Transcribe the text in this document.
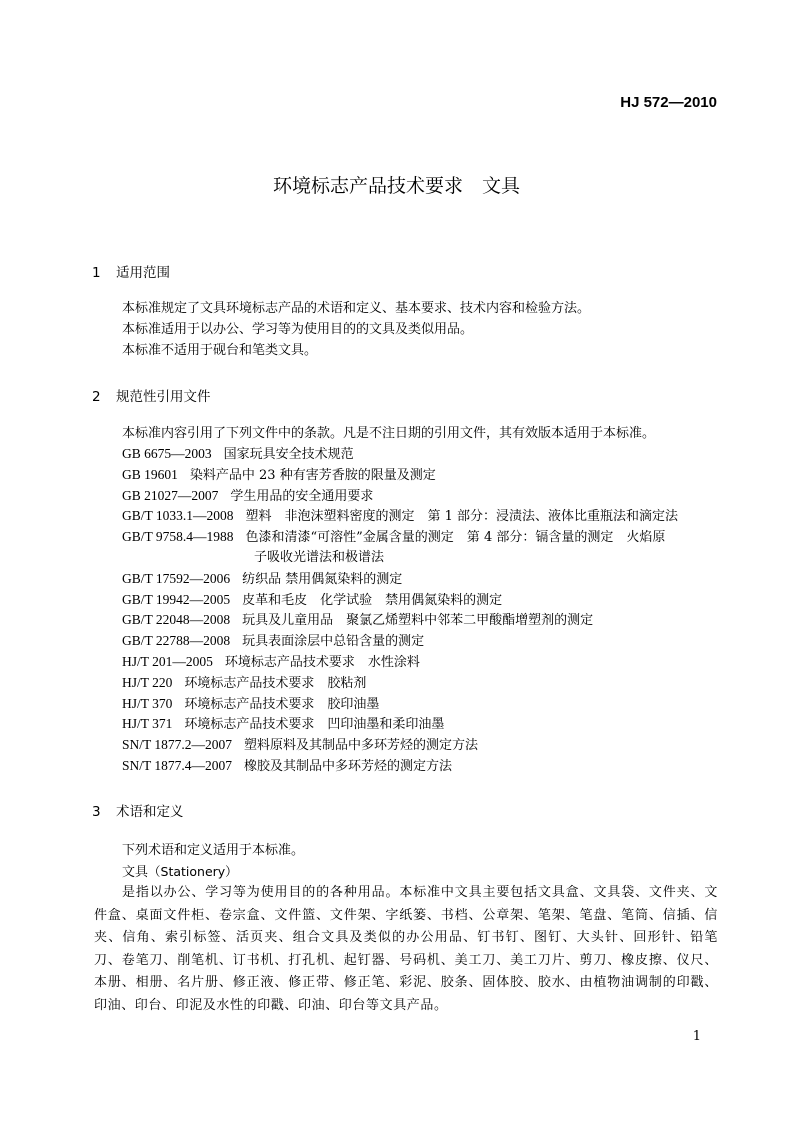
HJ 572—2010
环境标志产品技术要求　文具
1 适用范围
本标准规定了文具环境标志产品的术语和定义、基本要求、技术内容和检验方法。
本标准适用于以办公、学习等为使用目的的文具及类似用品。
本标准不适用于砚台和笔类文具。
2 规范性引用文件
本标准内容引用了下列文件中的条款。凡是不注日期的引用文件，其有效版本适用于本标准。
GB 6675—2003 国家玩具安全技术规范
GB 19601 染料产品中 23 种有害芳香胺的限量及测定
GB 21027—2007 学生用品的安全通用要求
GB/T 1033.1—2008 塑料　非泡沫塑料密度的测定　第 1 部分：浸渍法、液体比重瓶法和滴定法
GB/T 9758.4—1988 色漆和清漆“可溶性”金属含量的测定　第 4 部分：镉含量的测定　火焰原
子吸收光谱法和极谱法
GB/T 17592—2006 纺织品 禁用偶氮染料的测定
GB/T 19942—2005 皮革和毛皮　化学试验　禁用偶氮染料的测定
GB/T 22048—2008 玩具及儿童用品　聚氯乙烯塑料中邻苯二甲酸酯增塑剂的测定
GB/T 22788—2008 玩具表面涂层中总铅含量的测定
HJ/T 201—2005 环境标志产品技术要求　水性涂料
HJ/T 220 环境标志产品技术要求　胶粘剂
HJ/T 370 环境标志产品技术要求　胶印油墨
HJ/T 371 环境标志产品技术要求　凹印油墨和柔印油墨
SN/T 1877.2—2007 塑料原料及其制品中多环芳烃的测定方法
SN/T 1877.4—2007 橡胶及其制品中多环芳烃的测定方法
3 术语和定义
下列术语和定义适用于本标准。
文具（Stationery）
是指以办公、学习等为使用目的的各种用品。本标准中文具主要包括文具盒、文具袋、文件夹、文件盒、桌面文件柜、卷宗盒、文件篮、文件架、字纸篓、书档、公章架、笔架、笔盘、笔筒、信插、信夹、信角、索引标签、活页夹、组合文具及类似的办公用品、钉书钉、图钉、大头针、回形针、铅笔刀、卷笔刀、削笔机、订书机、打孔机、起钉器、号码机、美工刀、美工刀片、剪刀、橡皮擦、仪尺、本册、相册、名片册、修正液、修正带、修正笔、彩泥、胶条、固体胶、胶水、由植物油调制的印戳、印油、印台、印泥及水性的印戳、印油、印台等文具产品。
1
